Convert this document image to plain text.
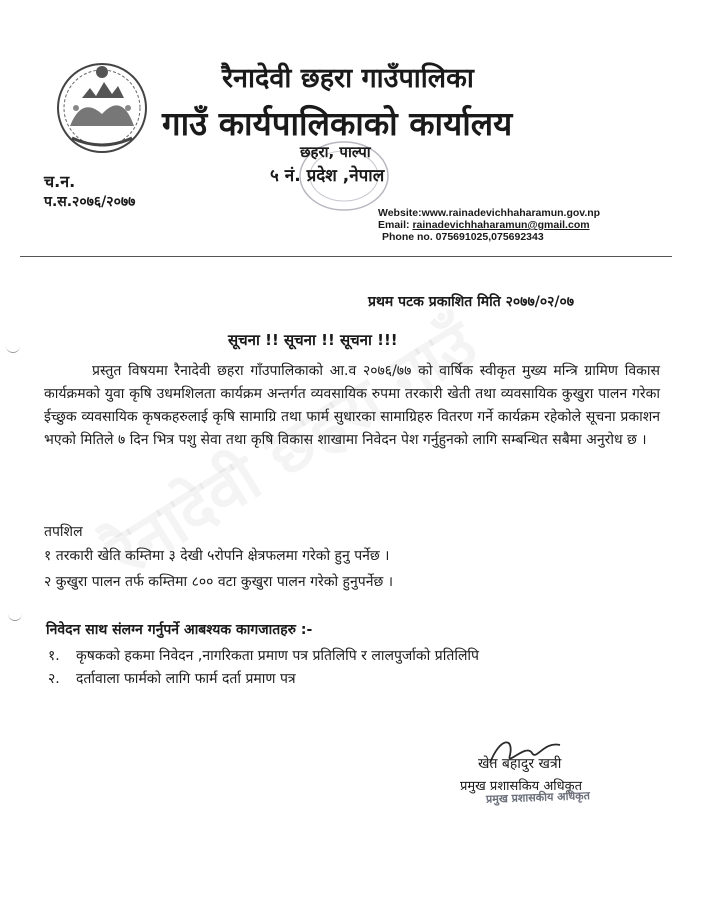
रैनादेवी छहरा गाउँपालिका
गाउँ कार्यपालिकाको कार्यालय
छहरा, पाल्पा
५ नं. प्रदेश ,नेपाल
च.न.
प.स.२०७६/२०७७
Website:www.rainadevichhaharamun.gov.np
Email: rainadevichhaharamun@gmail.com
Phone no. 075691025,075692343
प्रथम पटक प्रकाशित मिति २०७७/०२/०७
सूचना !! सूचना !! सूचना !!!
प्रस्तुत विषयमा रैनादेवी छहरा गाँउपालिकाको आ.व २०७६/७७ को वार्षिक स्वीकृत मुख्य मन्त्रि ग्रामिण विकास कार्यक्रमको युवा कृषि उधमशिलता कार्यक्रम अन्तर्गत व्यवसायिक रुपमा तरकारी खेती तथा व्यवसायिक कुखुरा पालन गरेका ईच्छुक व्यवसायिक कृषकहरुलाई कृषि सामाग्रि तथा फार्म सुधारका सामाग्रिहरु वितरण गर्ने कार्यक्रम रहेकोले सूचना प्रकाशन भएको मितिले ७ दिन भित्र पशु सेवा तथा कृषि विकास शाखामा निवेदन पेश गर्नुहुनको लागि सम्बन्धित सबैमा अनुरोध छ ।
तपशिल
१ तरकारी खेति कम्तिमा ३ देखी ५रोपनि क्षेत्रफलमा गरेको हुनु पर्नेछ ।
२ कुखुरा पालन तर्फ कम्तिमा ८०० वटा कुखुरा पालन गरेको हुनुपर्नेछ ।
निवेदन साथ संलग्न गर्नुपर्ने आबश्यक कागजातहरु :-
१. कृषकको हकमा निवेदन ,नागरिकता प्रमाण पत्र प्रतिलिपि र लालपुर्जाको प्रतिलिपि
२. दर्तावाला फार्मको लागि फार्म दर्ता प्रमाण पत्र
खेत बहादुर खत्री
प्रमुख प्रशासकिय अधिकृत
प्रमुख प्रशासकीय अधिकृत
